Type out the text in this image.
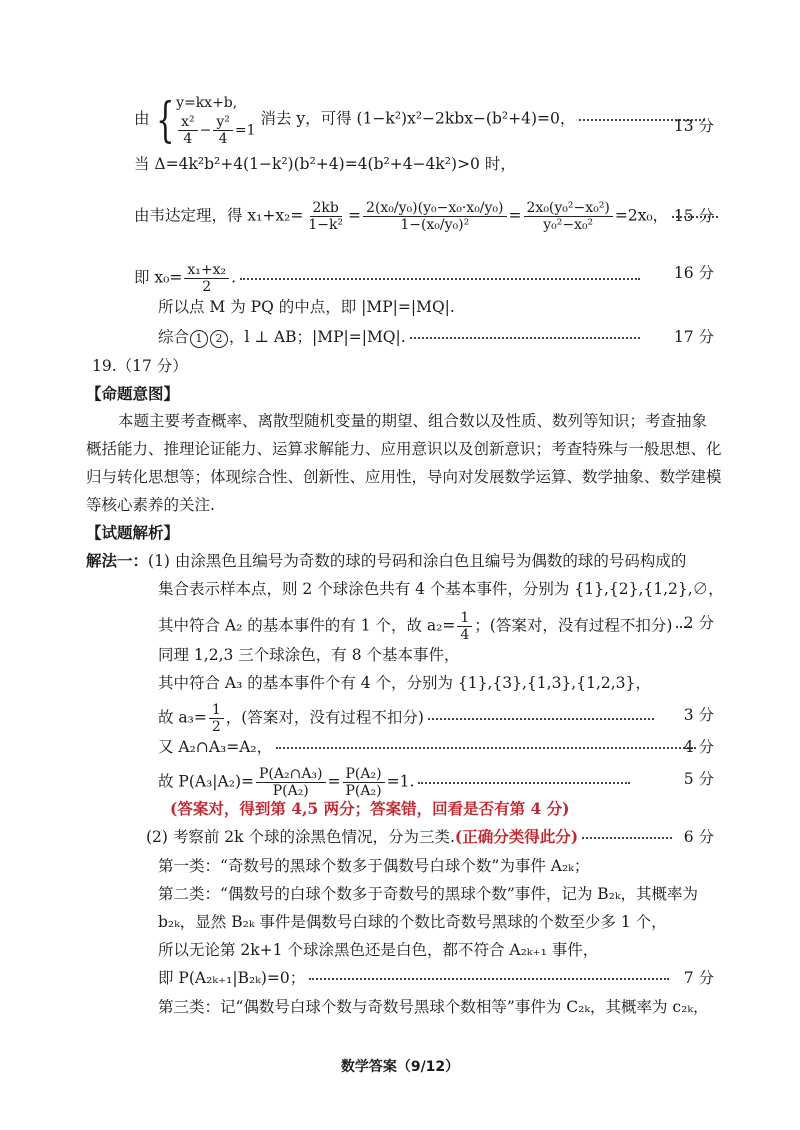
由 { y=kx+b,
$\frac{\text{x²}}{4} - \frac{\text{y²}}{4} =1$
消去 y，可得 (1−k²)x²−2kbx−(b²+4)=0，	13 分
当 Δ=4k²b²+4(1−k²)(b²+4)=4(b²+4−4k²)>0 时，
由韦达定理，得 $x_1+x_2= \frac{2kb}{\text{1−k²}} = \frac{\text{2(x₀/y₀)(y₀−x₀·x₀/y₀)}}{\text{1−(x₀/y₀)²}} = \frac{\text{2x₀(y₀²−x₀²)}}{\text{y₀²−x₀²}} =2x_0$， 15 分
即 $x_0= \frac{\text{x₁+x₂}}{2}$ .	16 分
所以点 M 为 PQ 的中点，即 |MP|=|MQ|.
综合 1 2 ，l ⊥ AB；|MP|=|MQ|.	17 分
19.（17 分）
【命题意图】
本题主要考查概率、离散型随机变量的期望、组合数以及性质、数列等知识；考查抽象
概括能力、推理论证能力、运算求解能力、应用意识以及创新意识；考查特殊与一般思想、化
归与转化思想等；体现综合性、创新性、应用性，导向对发展数学运算、数学抽象、数学建模
等核心素养的关注.
【试题解析】
解法一：(1) 由涂黑色且编号为奇数的球的号码和涂白色且编号为偶数的球的号码构成的
集合表示样本点，则 2 个球涂色共有 4 个基本事件，分别为 {1},{2},{1,2},∅，
其中符合 A₂ 的基本事件的有 1 个，故 $a_2= \frac{1}{4}$ ；(答案对，没有过程不扣分) 2 分
同理 1,2,3 三个球涂色，有 8 个基本事件，
其中符合 A₃ 的基本事件个有 4 个，分别为 {1},{3},{1,3},{1,2,3}，
故 $a_3= \frac{1}{2}$ ，(答案对，没有过程不扣分)	3 分
又 A₂∩A₃=A₂，	4 分
故 $P(A_3|A_2)= \frac{\text{P(A₂∩A₃)}}{\text{P(A₂)}} = \frac{\text{P(A₂)}}{\text{P(A₂)}} =1$.	5 分
(答案对，得到第 4,5 两分；答案错，回看是否有第 4 分)
(2) 考察前 2k 个球的涂黑色情况，分为三类.(正确分类得此分)	6 分
第一类：“奇数号的黑球个数多于偶数号白球个数”为事件 A₂ₖ；
第二类：“偶数号的白球个数多于奇数号的黑球个数”事件，记为 B₂ₖ，其概率为
b₂ₖ，显然 B₂ₖ 事件是偶数号白球的个数比奇数号黑球的个数至少多 1 个，
所以无论第 2k+1 个球涂黑色还是白色，都不符合 A₂ₖ₊₁ 事件，
即 P(A₂ₖ₊₁|B₂ₖ)=0；	7 分
第三类：记“偶数号白球个数与奇数号黑球个数相等”事件为 C₂ₖ，其概率为 c₂ₖ，
数学答案（9/12）
